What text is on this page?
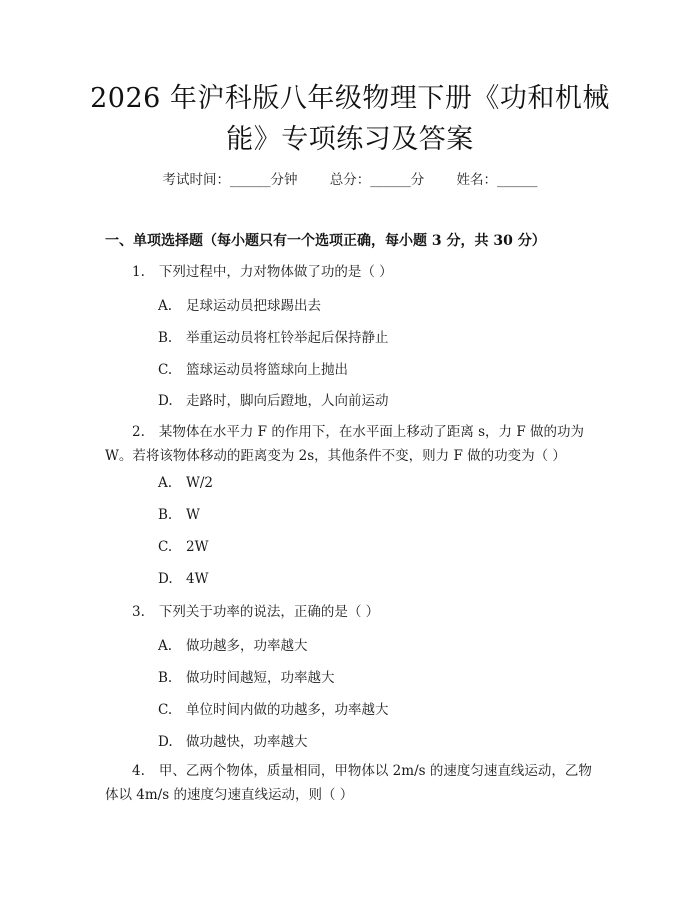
2026 年沪科版八年级物理下册《功和机械
能》专项练习及答案
考试时间：______分钟 总分：______分 姓名：______
一、单项选择题（每小题只有一个选项正确，每小题 3 分，共 30 分）
1. 下列过程中，力对物体做了功的是（ ）
A. 足球运动员把球踢出去
B. 举重运动员将杠铃举起后保持静止
C. 篮球运动员将篮球向上抛出
D. 走路时，脚向后蹬地，人向前运动
2. 某物体在水平力 F 的作用下，在水平面上移动了距离 s，力 F 做的功为 W。若将该物体移动的距离变为 2s，其他条件不变，则力 F 做的功变为（ ）
A. W/2
B. W
C. 2W
D. 4W
3. 下列关于功率的说法，正确的是（ ）
A. 做功越多，功率越大
B. 做功时间越短，功率越大
C. 单位时间内做的功越多，功率越大
D. 做功越快，功率越大
4. 甲、乙两个物体，质量相同，甲物体以 2m/s 的速度匀速直线运动，乙物体以 4m/s 的速度匀速直线运动，则（ ）
